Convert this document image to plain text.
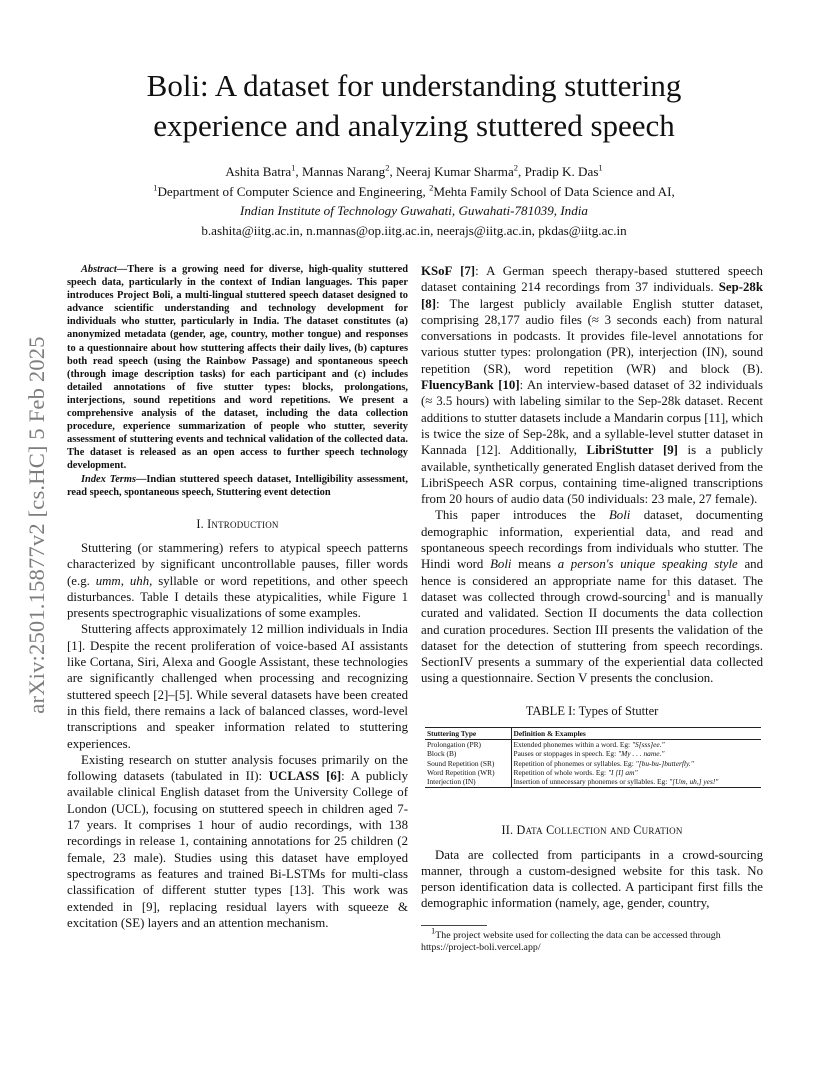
arXiv:2501.15877v2 [cs.HC] 5 Feb 2025
Boli: A dataset for understanding stuttering
experience and analyzing stuttered speech
Ashita Batra$^1$, Mannas Narang$^2$, Neeraj Kumar Sharma$^2$, Pradip K. Das$^1$
$^1$Department of Computer Science and Engineering, $^2$Mehta Family School of Data Science and AI,
Indian Institute of Technology Guwahati, Guwahati-781039, India
b.ashita@iitg.ac.in, n.mannas@op.iitg.ac.in, neerajs@iitg.ac.in, pkdas@iitg.ac.in

Abstract—There is a growing need for diverse, high-quality stuttered speech data, particularly in the context of Indian languages. This paper introduces Project Boli, a multi-lingual stuttered speech dataset designed to advance scientific understanding and technology development for individuals who stutter, particularly in India. The dataset constitutes (a) anonymized metadata (gender, age, country, mother tongue) and responses to a questionnaire about how stuttering affects their daily lives, (b) captures both read speech (using the Rainbow Passage) and spontaneous speech (through image description tasks) for each participant and (c) includes detailed annotations of five stutter types: blocks, prolongations, interjections, sound repetitions and word repetitions. We present a comprehensive analysis of the dataset, including the data collection procedure, experience summarization of people who stutter, severity assessment of stuttering events and technical validation of the collected data. The dataset is released as an open access to further speech technology development.

Index Terms—Indian stuttered speech dataset, Intelligibility assessment, read speech, spontaneous speech, Stuttering event detection

I. Introduction

Stuttering (or stammering) refers to atypical speech patterns characterized by significant uncontrollable pauses, filler words (e.g. umm, uhh, syllable or word repetitions, and other speech disturbances. Table I details these atypicalities, while Figure 1 presents spectrographic visualizations of some examples.

Stuttering affects approximately 12 million individuals in India [1]. Despite the recent proliferation of voice-based AI assistants like Cortana, Siri, Alexa and Google Assistant, these technologies are significantly challenged when processing and recognizing stuttered speech [2]–[5]. While several datasets have been created in this field, there remains a lack of balanced classes, word-level transcriptions and speaker information related to stuttering experiences.

Existing research on stutter analysis focuses primarily on the following datasets (tabulated in II): UCLASS [6]: A publicly available clinical English dataset from the University College of London (UCL), focusing on stuttered speech in children aged 7-17 years. It comprises 1 hour of audio recordings, with 138 recordings in release 1, containing annotations for 25 children (2 female, 23 male). Studies using this dataset have employed spectrograms as features and trained Bi-LSTMs for multi-class classification of different stutter types [13]. This work was extended in [9], replacing residual layers with squeeze & excitation (SE) layers and an attention mechanism.

KSoF [7]: A German speech therapy-based stuttered speech dataset containing 214 recordings from 37 individuals. Sep-28k [8]: The largest publicly available English stutter dataset, comprising 28,177 audio files (≈ 3 seconds each) from natural conversations in podcasts. It provides file-level annotations for various stutter types: prolongation (PR), interjection (IN), sound repetition (SR), word repetition (WR) and block (B). FluencyBank [10]: An interview-based dataset of 32 individuals (≈ 3.5 hours) with labeling similar to the Sep-28k dataset. Recent additions to stutter datasets include a Mandarin corpus [11], which is twice the size of Sep-28k, and a syllable-level stutter dataset in Kannada [12]. Additionally, LibriStutter [9] is a publicly available, synthetically generated English dataset derived from the LibriSpeech ASR corpus, containing time-aligned transcriptions from 20 hours of audio data (50 individuals: 23 male, 27 female).

This paper introduces the Boli dataset, documenting demographic information, experiential data, and read and spontaneous speech recordings from individuals who stutter. The Hindi word Boli means a person's unique speaking style and hence is considered an appropriate name for this dataset. The dataset was collected through crowd-sourcing$^1$ and is manually curated and validated. Section II documents the data collection and curation procedures. Section III presents the validation of the dataset for the detection of stuttering from speech recordings. SectionIV presents a summary of the experiential data collected using a questionnaire. Section V presents the conclusion.

TABLE I: Types of Stutter
Stuttering Type	Definition & Examples
Prolongation (PR)	Extended phonemes within a word. Eg: "S[sss]ee."
Block (B)	Pauses or stoppages in speech. Eg: "My . . . name."
Sound Repetition (SR)	Repetition of phonemes or syllables. Eg: "[bu-bu-]butterfly."
Word Repetition (WR)	Repetition of whole words. Eg: "I [I] am"
Interjection (IN)	Insertion of unnecessary phonemes or syllables. Eg: "[Um, uh,] yes!"
II. Data Collection and Curation

Data are collected from participants in a crowd-sourcing manner, through a custom-designed website for this task. No person identification data is collected. A participant first fills the demographic information (namely, age, gender, country,

$^1$The project website used for collecting the data can be accessed through https://project-boli.vercel.app/
